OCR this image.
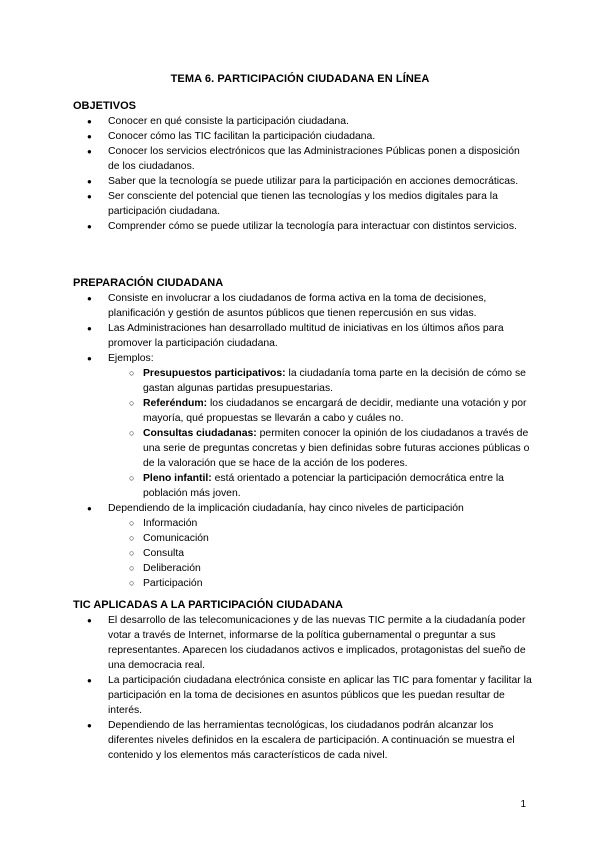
TEMA 6. PARTICIPACIÓN CIUDADANA EN LÍNEA

OBJETIVOS

● Conocer en qué consiste la participación ciudadana.
● Conocer cómo las TIC facilitan la participación ciudadana.
● Conocer los servicios electrónicos que las Administraciones Públicas ponen a disposición de los ciudadanos.
● Saber que la tecnología se puede utilizar para la participación en acciones democráticas.
● Ser consciente del potencial que tienen las tecnologías y los medios digitales para la participación ciudadana.
● Comprender cómo se puede utilizar la tecnología para interactuar con distintos servicios.

PREPARACIÓN CIUDADANA

● Consiste en involucrar a los ciudadanos de forma activa en la toma de decisiones, planificación y gestión de asuntos públicos que tienen repercusión en sus vidas.
● Las Administraciones han desarrollado multitud de iniciativas en los últimos años para promover la participación ciudadana.
● Ejemplos:
○ Presupuestos participativos: la ciudadanía toma parte en la decisión de cómo se gastan algunas partidas presupuestarias.
○ Referéndum: los ciudadanos se encargará de decidir, mediante una votación y por mayoría, qué propuestas se llevarán a cabo y cuáles no.
○ Consultas ciudadanas: permiten conocer la opinión de los ciudadanos a través de una serie de preguntas concretas y bien definidas sobre futuras acciones públicas o de la valoración que se hace de la acción de los poderes.
○ Pleno infantil: está orientado a potenciar la participación democrática entre la población más joven.
● Dependiendo de la implicación ciudadanía, hay cinco niveles de participación
○ Información
○ Comunicación
○ Consulta
○ Deliberación
○ Participación

TIC APLICADAS A LA PARTICIPACIÓN CIUDADANA

● El desarrollo de las telecomunicaciones y de las nuevas TIC permite a la ciudadanía poder votar a través de Internet, informarse de la política gubernamental o preguntar a sus representantes. Aparecen los ciudadanos activos e implicados, protagonistas del sueño de una democracia real.
● La participación ciudadana electrónica consiste en aplicar las TIC para fomentar y facilitar la participación en la toma de decisiones en asuntos públicos que les puedan resultar de interés.
● Dependiendo de las herramientas tecnológicas, los ciudadanos podrán alcanzar los diferentes niveles definidos en la escalera de participación. A continuación se muestra el contenido y los elementos más característicos de cada nivel.
1
